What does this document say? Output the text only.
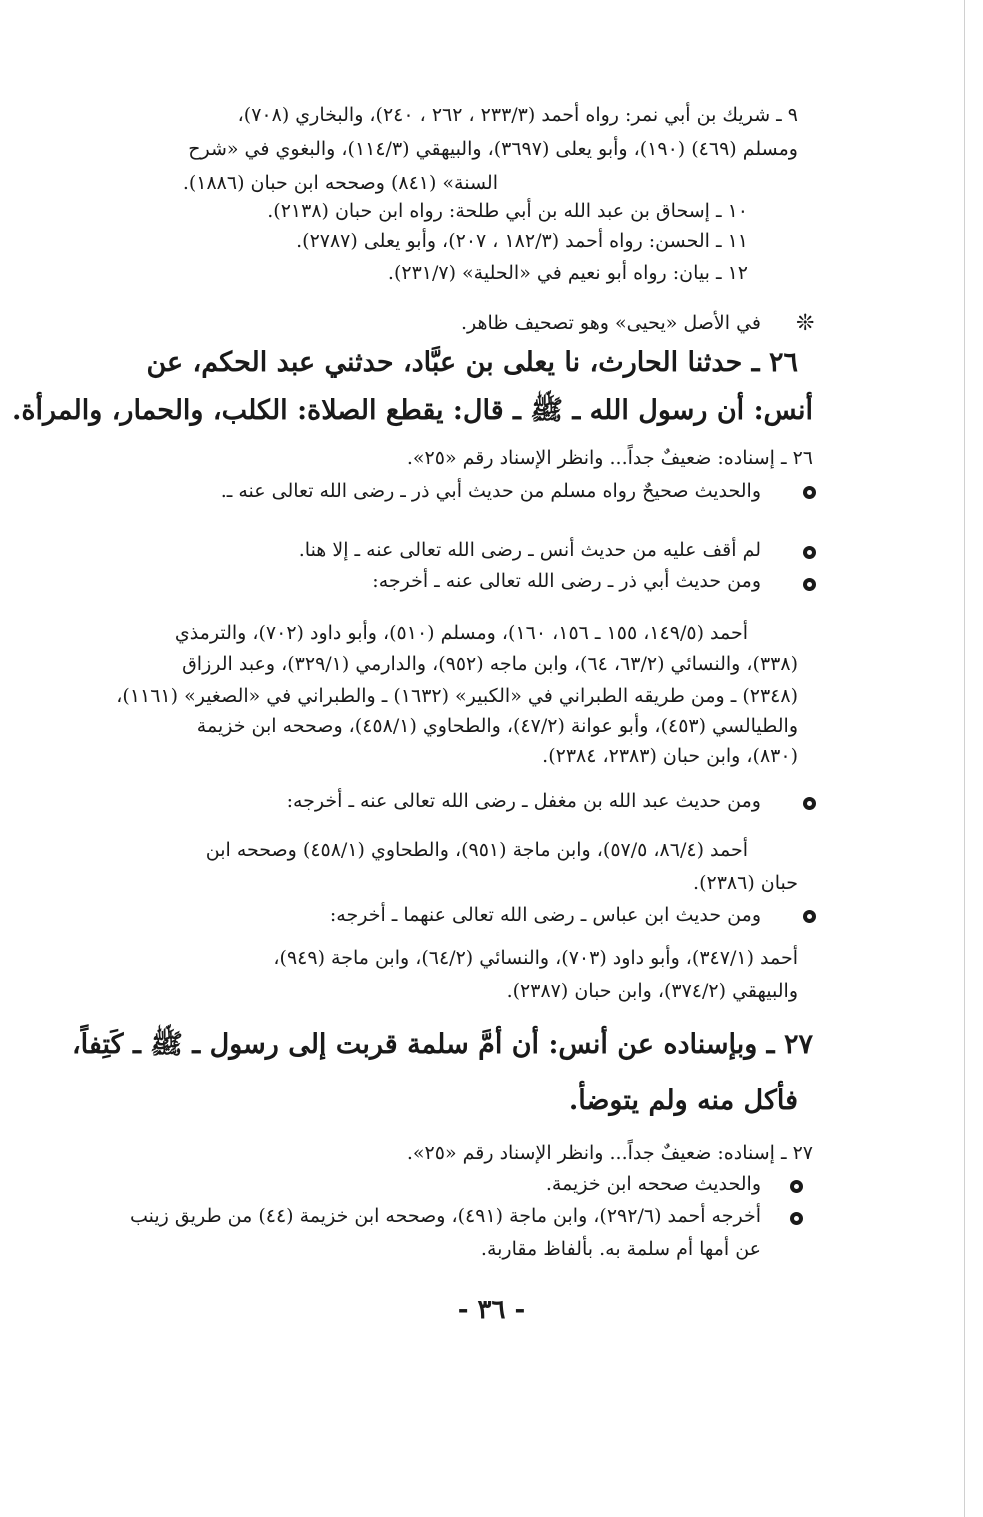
٩ ـ شريك بن أبي نمر: رواه أحمد (٢٣٣/٣ ، ٢٦٢ ، ٢٤٠)، والبخاري (٧٠٨)،
ومسلم (٤٦٩) (١٩٠)، وأبو يعلى (٣٦٩٧)، والبيهقي (١١٤/٣)، والبغوي في «شرح
السنة» (٨٤١) وصححه ابن حبان (١٨٨٦).
١٠ ـ إسحاق بن عبد الله بن أبي طلحة: رواه ابن حبان (٢١٣٨).
١١ ـ الحسن: رواه أحمد (١٨٢/٣ ، ٢٠٧)، وأبو يعلى (٢٧٨٧).
١٢ ـ بيان: رواه أبو نعيم في «الحلية» (٢٣١/٧).
❊
في الأصل «يحيى» وهو تصحيف ظاهر.
٢٦ ـ حدثنا الحارث، نا يعلى بن عبَّاد، حدثني عبد الحكم، عن
أنس: أن رسول الله ـ ﷺ ـ قال: يقطع الصلاة: الكلب، والحمار، والمرأة.
٢٦ ـ إسناده: ضعيفٌ جداً... وانظر الإسناد رقم «٢٥».
والحديث صحيحٌ رواه مسلم من حديث أبي ذر ـ رضى الله تعالى عنه ـ.
لم أقف عليه من حديث أنس ـ رضى الله تعالى عنه ـ إلا هنا.
ومن حديث أبي ذر ـ رضى الله تعالى عنه ـ أخرجه:
أحمد (١٤٩/٥، ١٥٥ ـ ١٥٦، ١٦٠)، ومسلم (٥١٠)، وأبو داود (٧٠٢)، والترمذي
(٣٣٨)، والنسائي (٦٣/٢، ٦٤)، وابن ماجه (٩٥٢)، والدارمي (٣٢٩/١)، وعبد الرزاق
(٢٣٤٨) ـ ومن طريقه الطبراني في «الكبير» (١٦٣٢) ـ والطبراني في «الصغير» (١١٦١)،
والطيالسي (٤٥٣)، وأبو عوانة (٤٧/٢)، والطحاوي (٤٥٨/١)، وصححه ابن خزيمة
(٨٣٠)، وابن حبان (٢٣٨٣، ٢٣٨٤).
ومن حديث عبد الله بن مغفل ـ رضى الله تعالى عنه ـ أخرجه:
أحمد (٨٦/٤، ٥٧/٥)، وابن ماجة (٩٥١)، والطحاوي (٤٥٨/١) وصححه ابن
حبان (٢٣٨٦).
ومن حديث ابن عباس ـ رضى الله تعالى عنهما ـ أخرجه:
أحمد (٣٤٧/١)، وأبو داود (٧٠٣)، والنسائي (٦٤/٢)، وابن ماجة (٩٤٩)،
والبيهقي (٣٧٤/٢)، وابن حبان (٢٣٨٧).
٢٧ ـ وبإسناده عن أنس: أن أمَّ سلمة قربت إلى رسول ـ ﷺ ـ كَتِفاً،
فأكل منه ولم يتوضأ.
٢٧ ـ إسناده: ضعيفٌ جداً... وانظر الإسناد رقم «٢٥».
والحديث صححه ابن خزيمة.
أخرجه أحمد (٢٩٢/٦)، وابن ماجة (٤٩١)، وصححه ابن خزيمة (٤٤) من طريق زينب
عن أمها أم سلمة به. بألفاظ مقاربة.
- ٣٦ -
